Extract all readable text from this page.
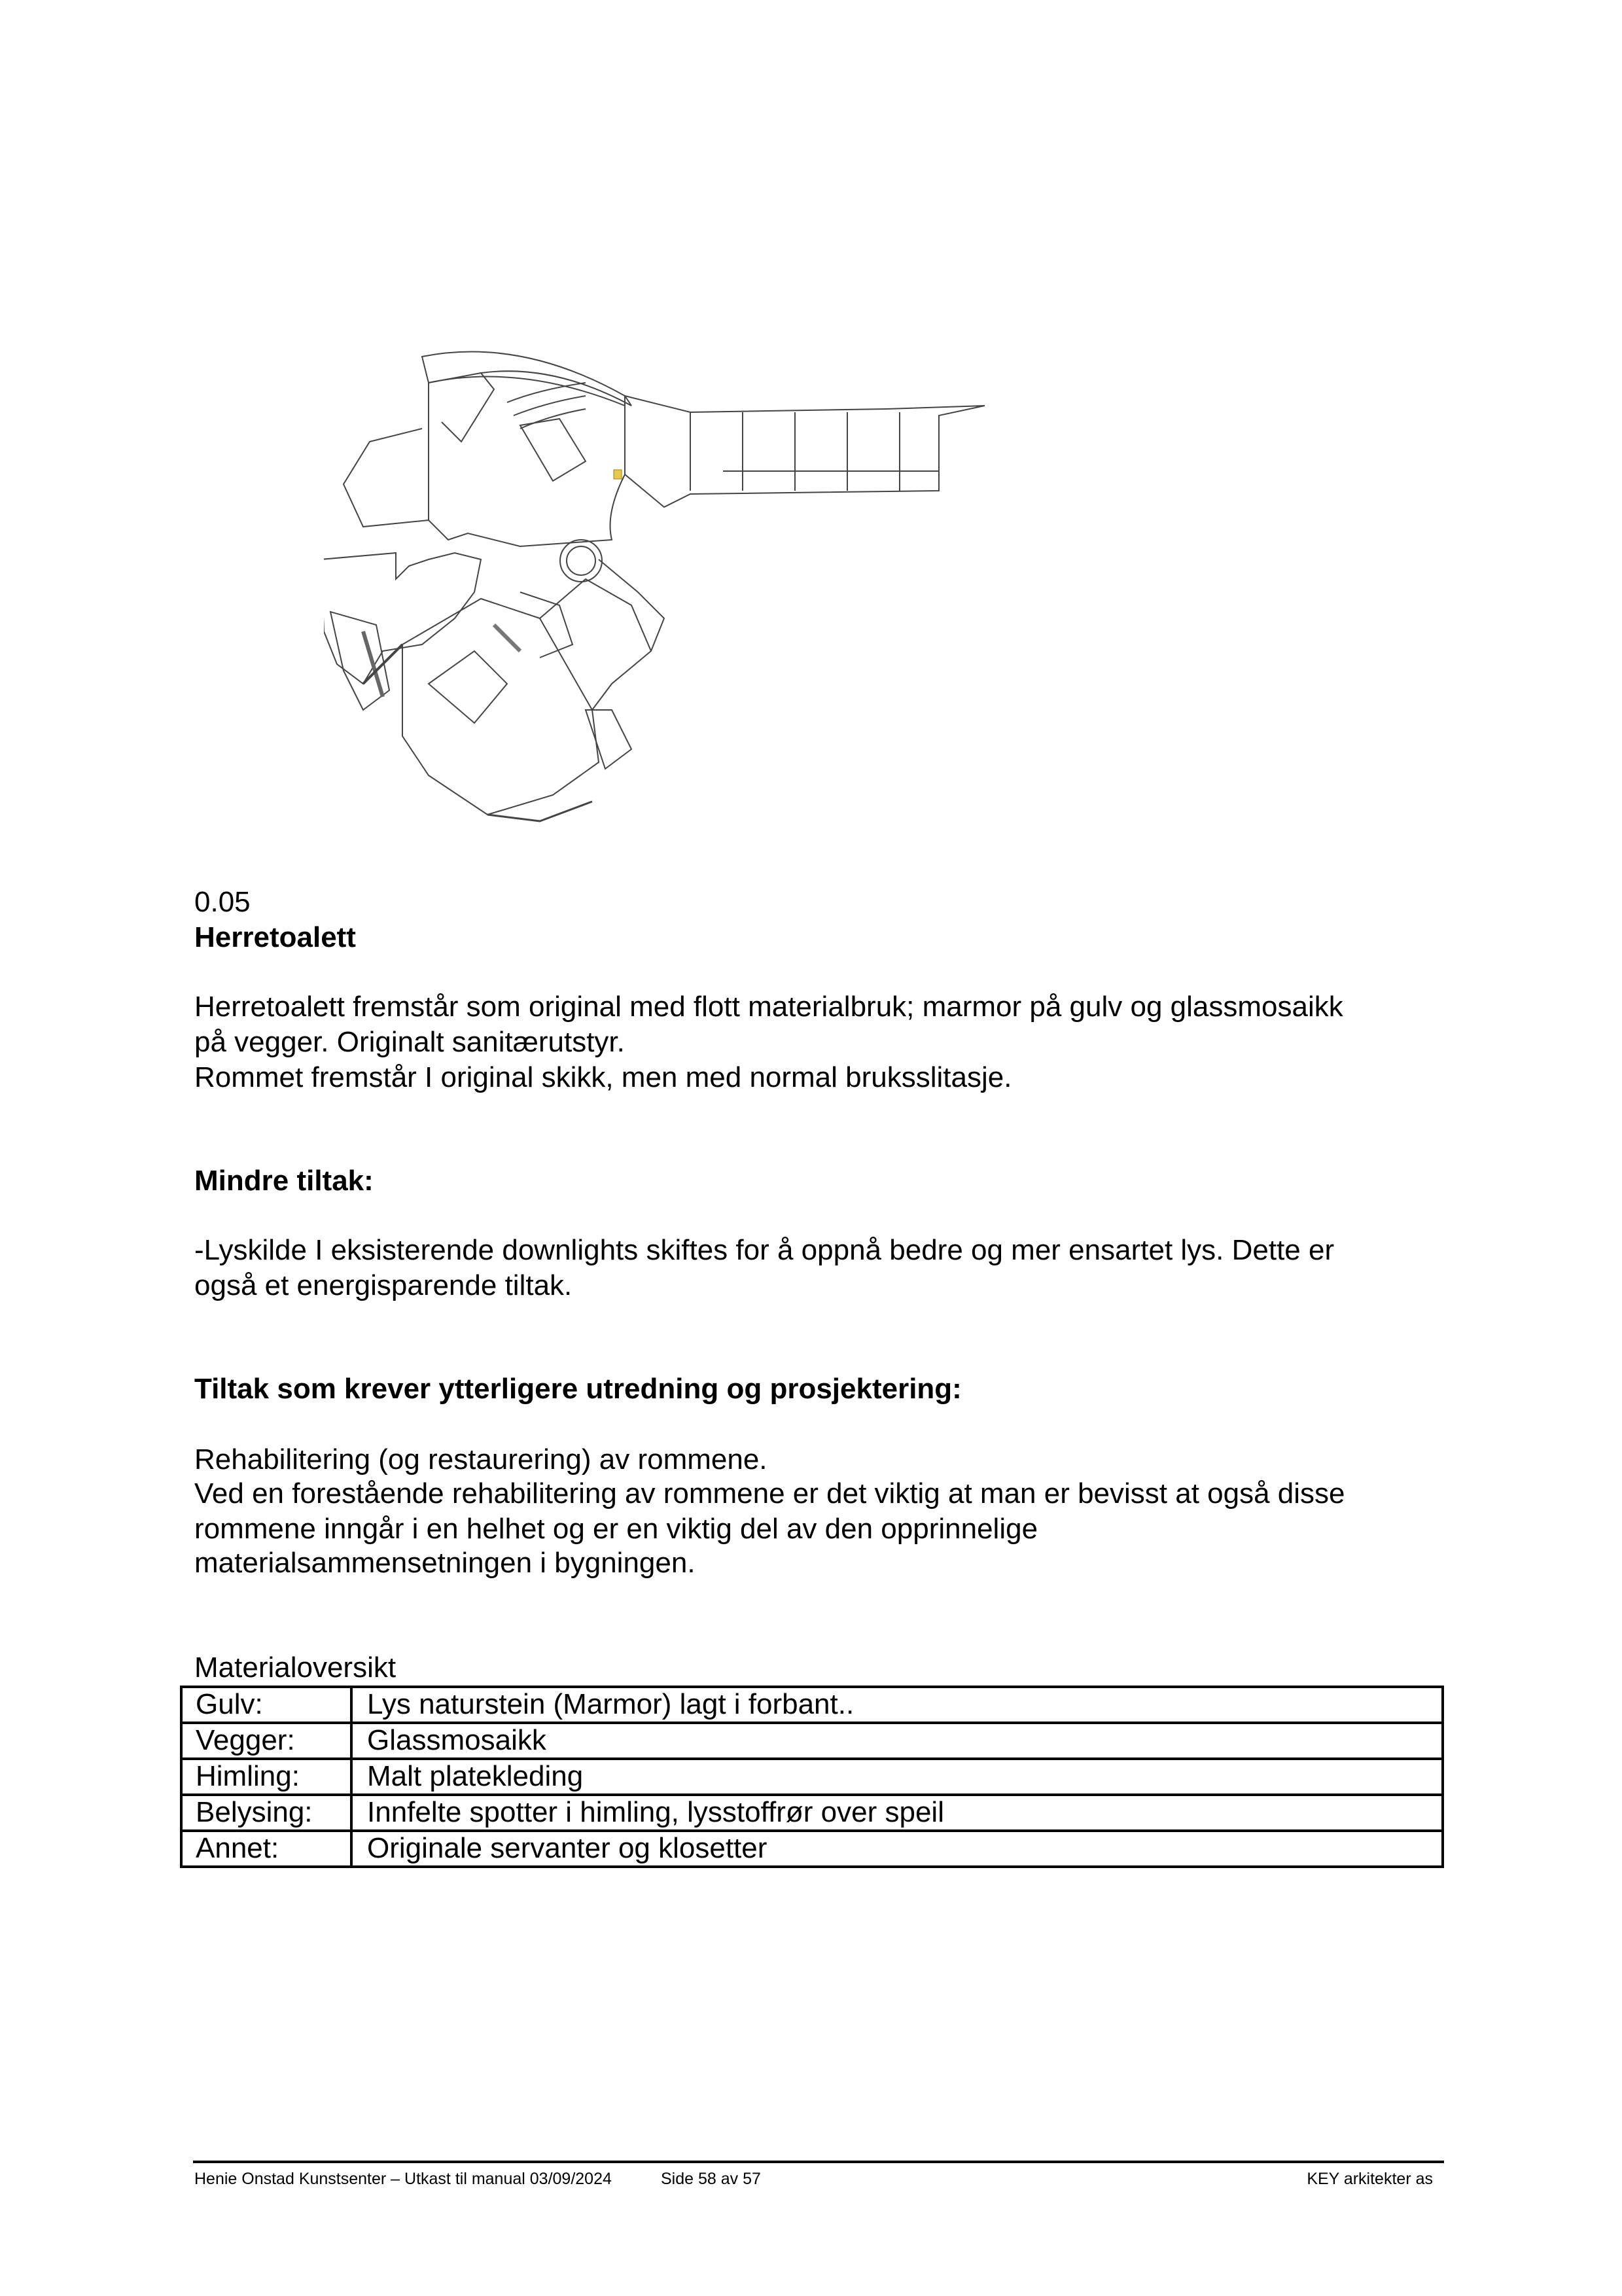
0.05
Herretoalett
Herretoalett fremstår som original med flott materialbruk; marmor på gulv og glassmosaikk
på vegger. Originalt sanitærutstyr.
Rommet fremstår I original skikk, men med normal bruksslitasje.
Mindre tiltak:
-Lyskilde I eksisterende downlights skiftes for å oppnå bedre og mer ensartet lys. Dette er
også et energisparende tiltak.
Tiltak som krever ytterligere utredning og prosjektering:
Rehabilitering (og restaurering) av rommene.
Ved en forestående rehabilitering av rommene er det viktig at man er bevisst at også disse
rommene inngår i en helhet og er en viktig del av den opprinnelige
materialsammensetningen i bygningen.
Materialoversikt
Gulv:	Lys naturstein (Marmor) lagt i forbant..
Vegger:	Glassmosaikk
Himling:	Malt platekleding
Belysing:	Innfelte spotter i himling, lysstoffrør over speil
Annet:	Originale servanter og klosetter
Henie Onstad Kunstsenter – Utkast til manual 03/09/2024	Side 58 av 57	KEY arkitekter as
